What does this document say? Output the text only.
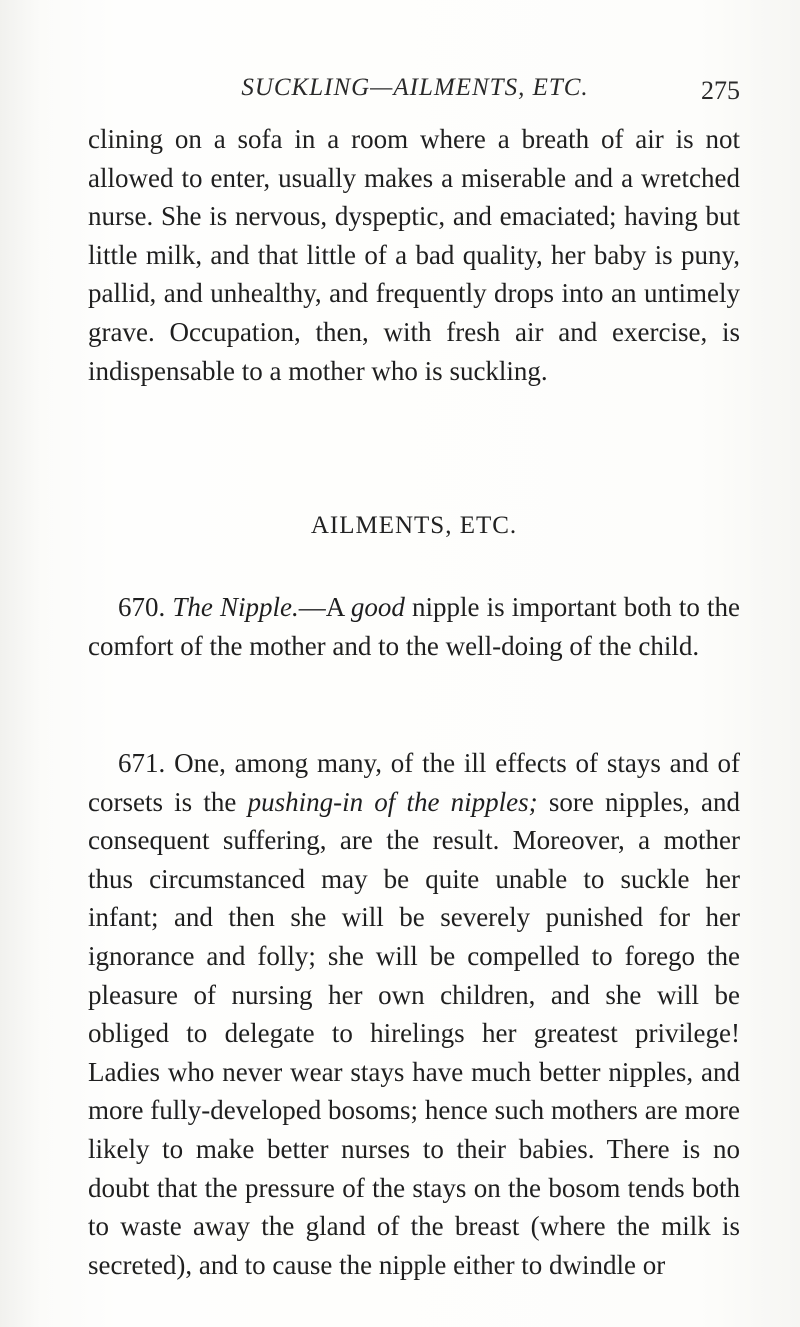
SUCKLING—AILMENTS, ETC.	275
clining on a sofa in a room where a breath of air is not allowed to enter, usually makes a miserable and a wretched nurse. She is nervous, dyspeptic, and emaciated; having but little milk, and that little of a bad quality, her baby is puny, pallid, and unhealthy, and frequently drops into an untimely grave. Occupation, then, with fresh air and exercise, is indispensable to a mother who is suckling.
AILMENTS, ETC.
670. The Nipple.—A good nipple is important both to the comfort of the mother and to the well-doing of the child.
671. One, among many, of the ill effects of stays and of corsets is the pushing-in of the nipples; sore nipples, and consequent suffering, are the result. Moreover, a mother thus circumstanced may be quite unable to suckle her infant; and then she will be severely punished for her ignorance and folly; she will be compelled to forego the pleasure of nursing her own children, and she will be obliged to delegate to hirelings her greatest privilege! Ladies who never wear stays have much better nipples, and more fully-developed bosoms; hence such mothers are more likely to make better nurses to their babies. There is no doubt that the pressure of the stays on the bosom tends both to waste away the gland of the breast (where the milk is secreted), and to cause the nipple either to dwindle or
